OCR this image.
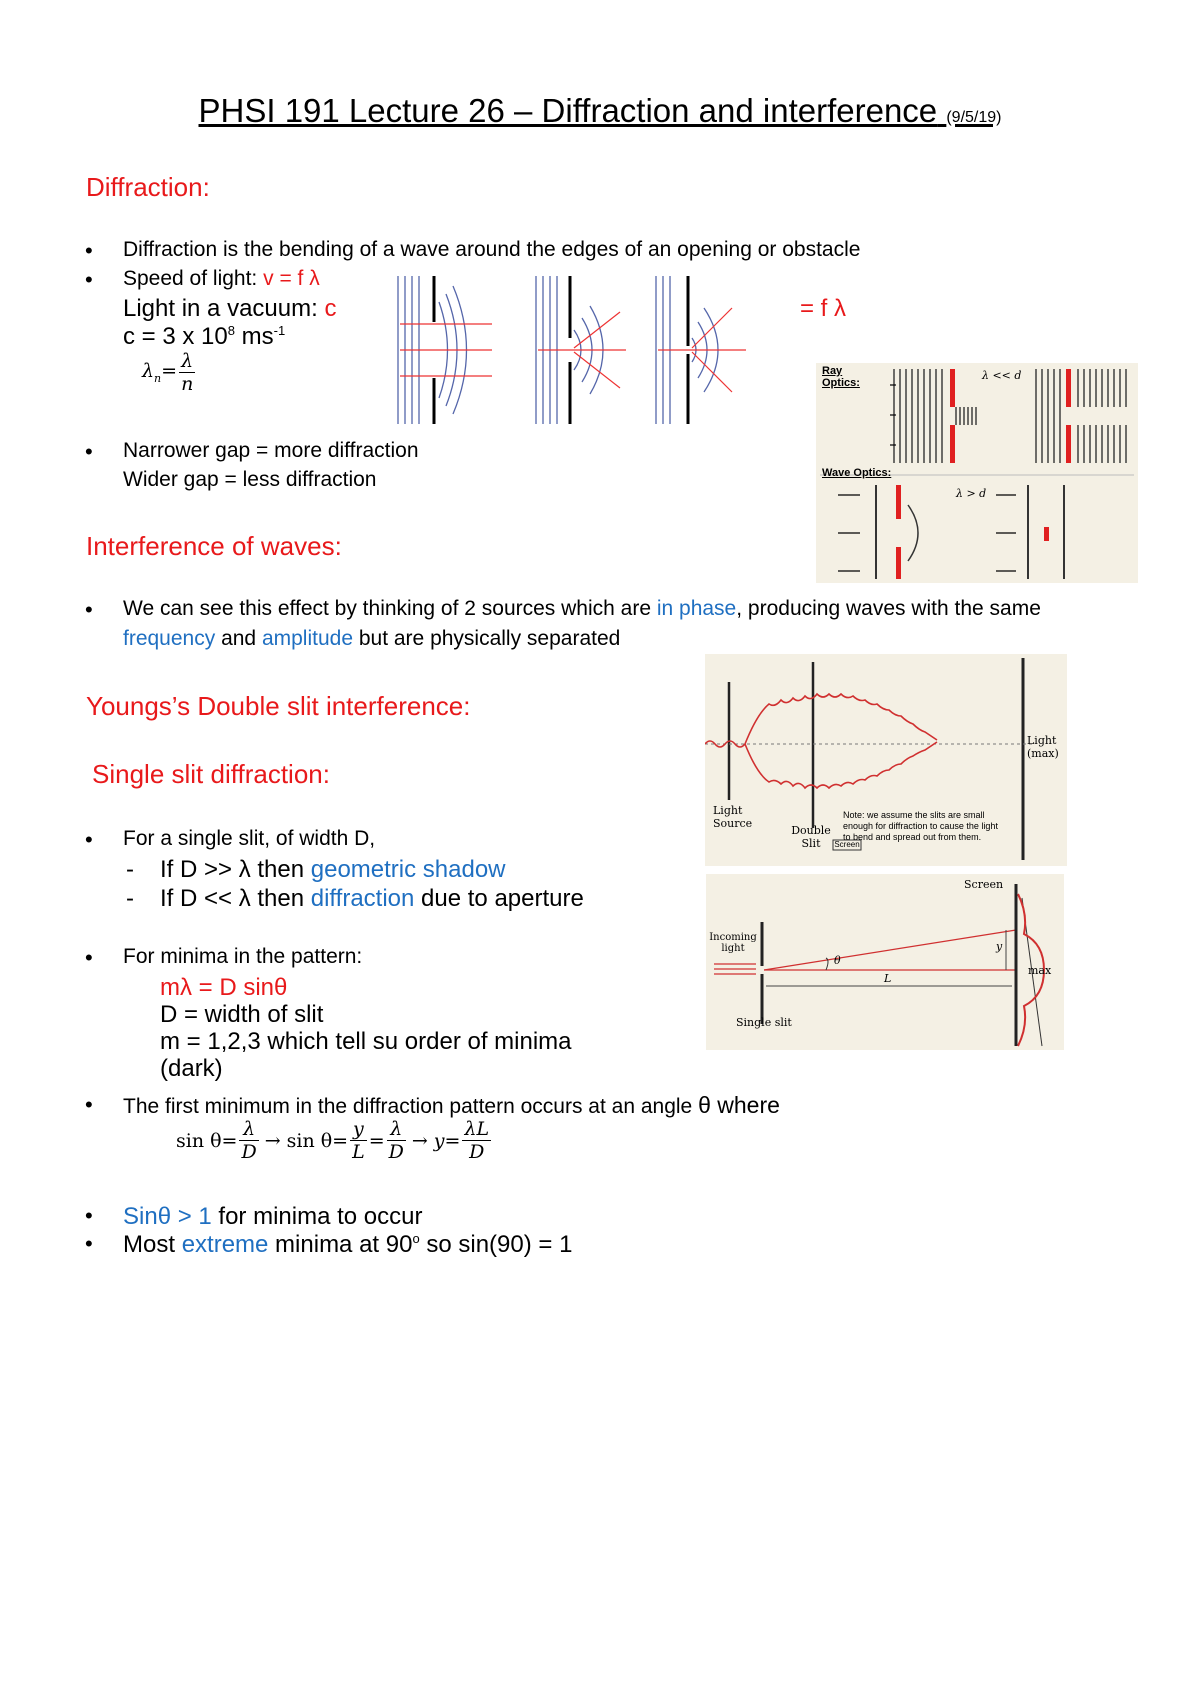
PHSI 191 Lecture 26 – Diffraction and interference (9/5/19)
Diffraction:
• Diffraction is the bending of a wave around the edges of an opening or obstacle
• Speed of light: v = f λ
Light in a vacuum: c	= f λ
c = 3 x $10^8$ $ms^{-1}$
$\lambda_n= \frac{\lambda}{n}$	Ray Optics:
λ << d
Wave Optics:
λ > d
• Narrower gap = more diffraction
Wider gap = less diffraction
Interference of waves:
• We can see this effect by thinking of 2 sources which are in phase, producing waves with the same
frequency and amplitude but are physically separated
Light (max)
Light Source
Double Slit
Note: we assume the slits are small enough for diffraction to cause the light to bend and spread out from them.
Screen
Youngs’s Double slit interference:
Single slit diffraction:
• For a single slit, of width D,
- If D >> λ then geometric shadow
- If D << λ then diffraction due to aperture
• For minima in the pattern:
mλ = D sinθ
D = width of slit
m = 1,2,3 which tell su order of minima
(dark)
Screen
Incoming light
θ
y
L
max
Single slit
• The first minimum in the diffraction pattern occurs at an angle θ where
$\sin \theta= \frac{\lambda}{D} \to \sin \theta= \frac{y}{L} = \frac{\lambda}{D} \to y= \frac{\lambda L}{D}$
• Sinθ > 1 for minima to occur
• Most extreme minima at 90$^o$ so sin(90) = 1
